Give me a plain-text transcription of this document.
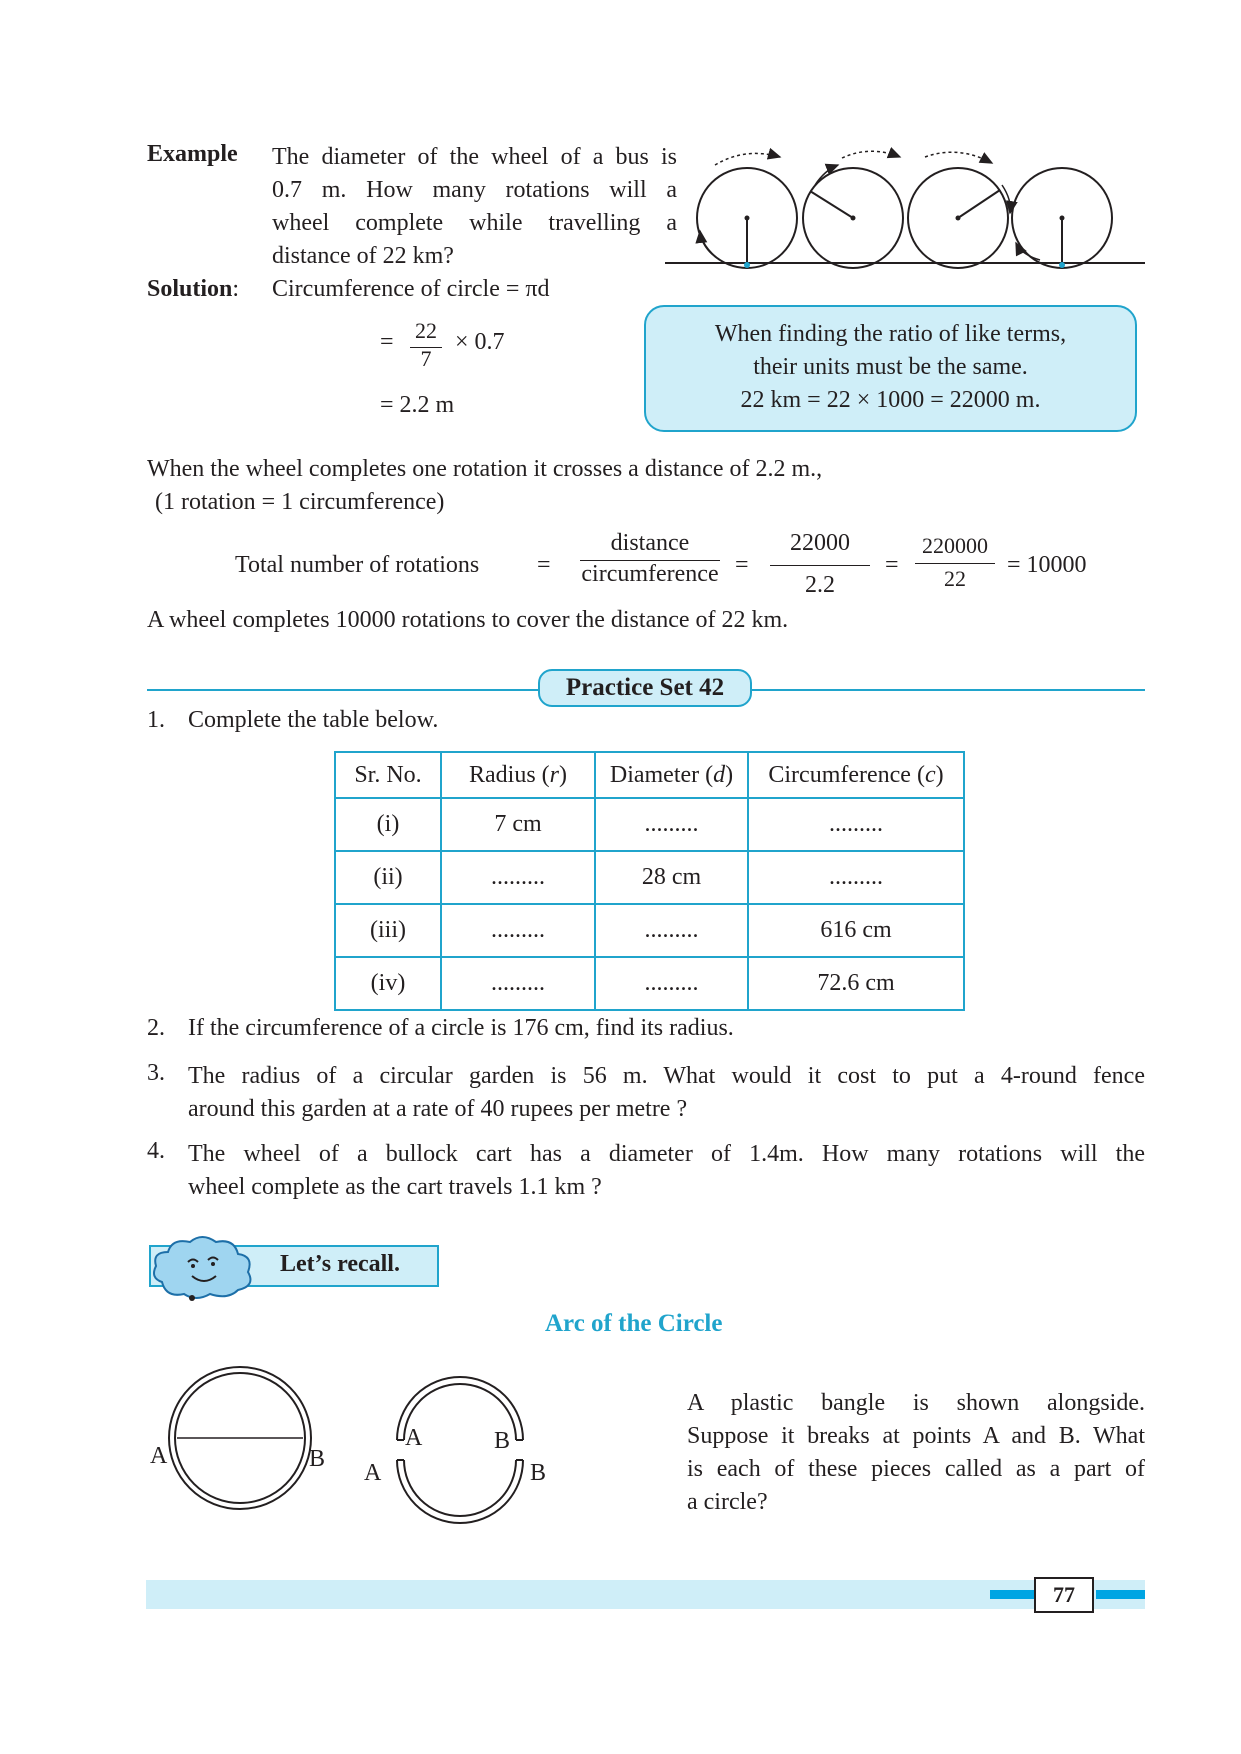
Example The diameter of the wheel of a bus is
0.7 m. How many rotations will a
wheel complete while travelling a
distance of 22 km?
Solution: Circumference of circle = πd
= 22
7
× 0.7
= 2.2 m
When finding the ratio of like terms,
their units must be the same.
22 km = 22 × 1000 = 22000 m.
When the wheel completes one rotation it crosses a distance of 2.2 m.,
(1 rotation = 1 circumference)
Total number of rotations =
distance
circumference =
22000
2.2
=
220000
22
= 10000
A wheel completes 10000 rotations to cover the distance of 22 km.
Practice Set 42
1. Complete the table below.
Sr. No.	Radius (r)	Diameter (d)	Circumference (c)
(i)	7 cm	.........	.........
(ii)	.........	28 cm	.........
(iii)	.........	.........	616 cm
(iv)	.........	.........	72.6 cm
2. If the circumference of a circle is 176 cm, find its radius.
3. The radius of a circular garden is 56 m. What would it cost to put a 4-round fence
around this garden at a rate of 40 rupees per metre ?
4. The wheel of a bullock cart has a diameter of 1.4m. How many rotations will the
wheel complete as the cart travels 1.1 km ?
Let’s recall.
Arc of the Circle
A	B
A	B
A	B
A plastic bangle is shown alongside.
Suppose it breaks at points A and B. What
is each of these pieces called as a part of
a circle?
77
